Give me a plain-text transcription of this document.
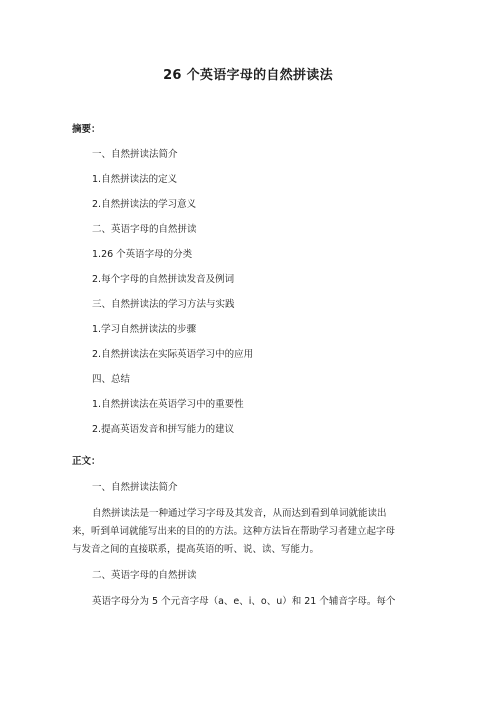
26 个英语字母的自然拼读法
摘要：
一、自然拼读法简介
1.自然拼读法的定义
2.自然拼读法的学习意义
二、英语字母的自然拼读
1.26 个英语字母的分类
2.每个字母的自然拼读发音及例词
三、自然拼读法的学习方法与实践
1.学习自然拼读法的步骤
2.自然拼读法在实际英语学习中的应用
四、总结
1.自然拼读法在英语学习中的重要性
2.提高英语发音和拼写能力的建议
正文：
一、自然拼读法简介
自然拼读法是一种通过学习字母及其发音，从而达到看到单词就能读出
来，听到单词就能写出来的目的的方法。这种方法旨在帮助学习者建立起字母
与发音之间的直接联系，提高英语的听、说、读、写能力。
二、英语字母的自然拼读
英语字母分为 5 个元音字母（a、e、i、o、u）和 21 个辅音字母。每个
